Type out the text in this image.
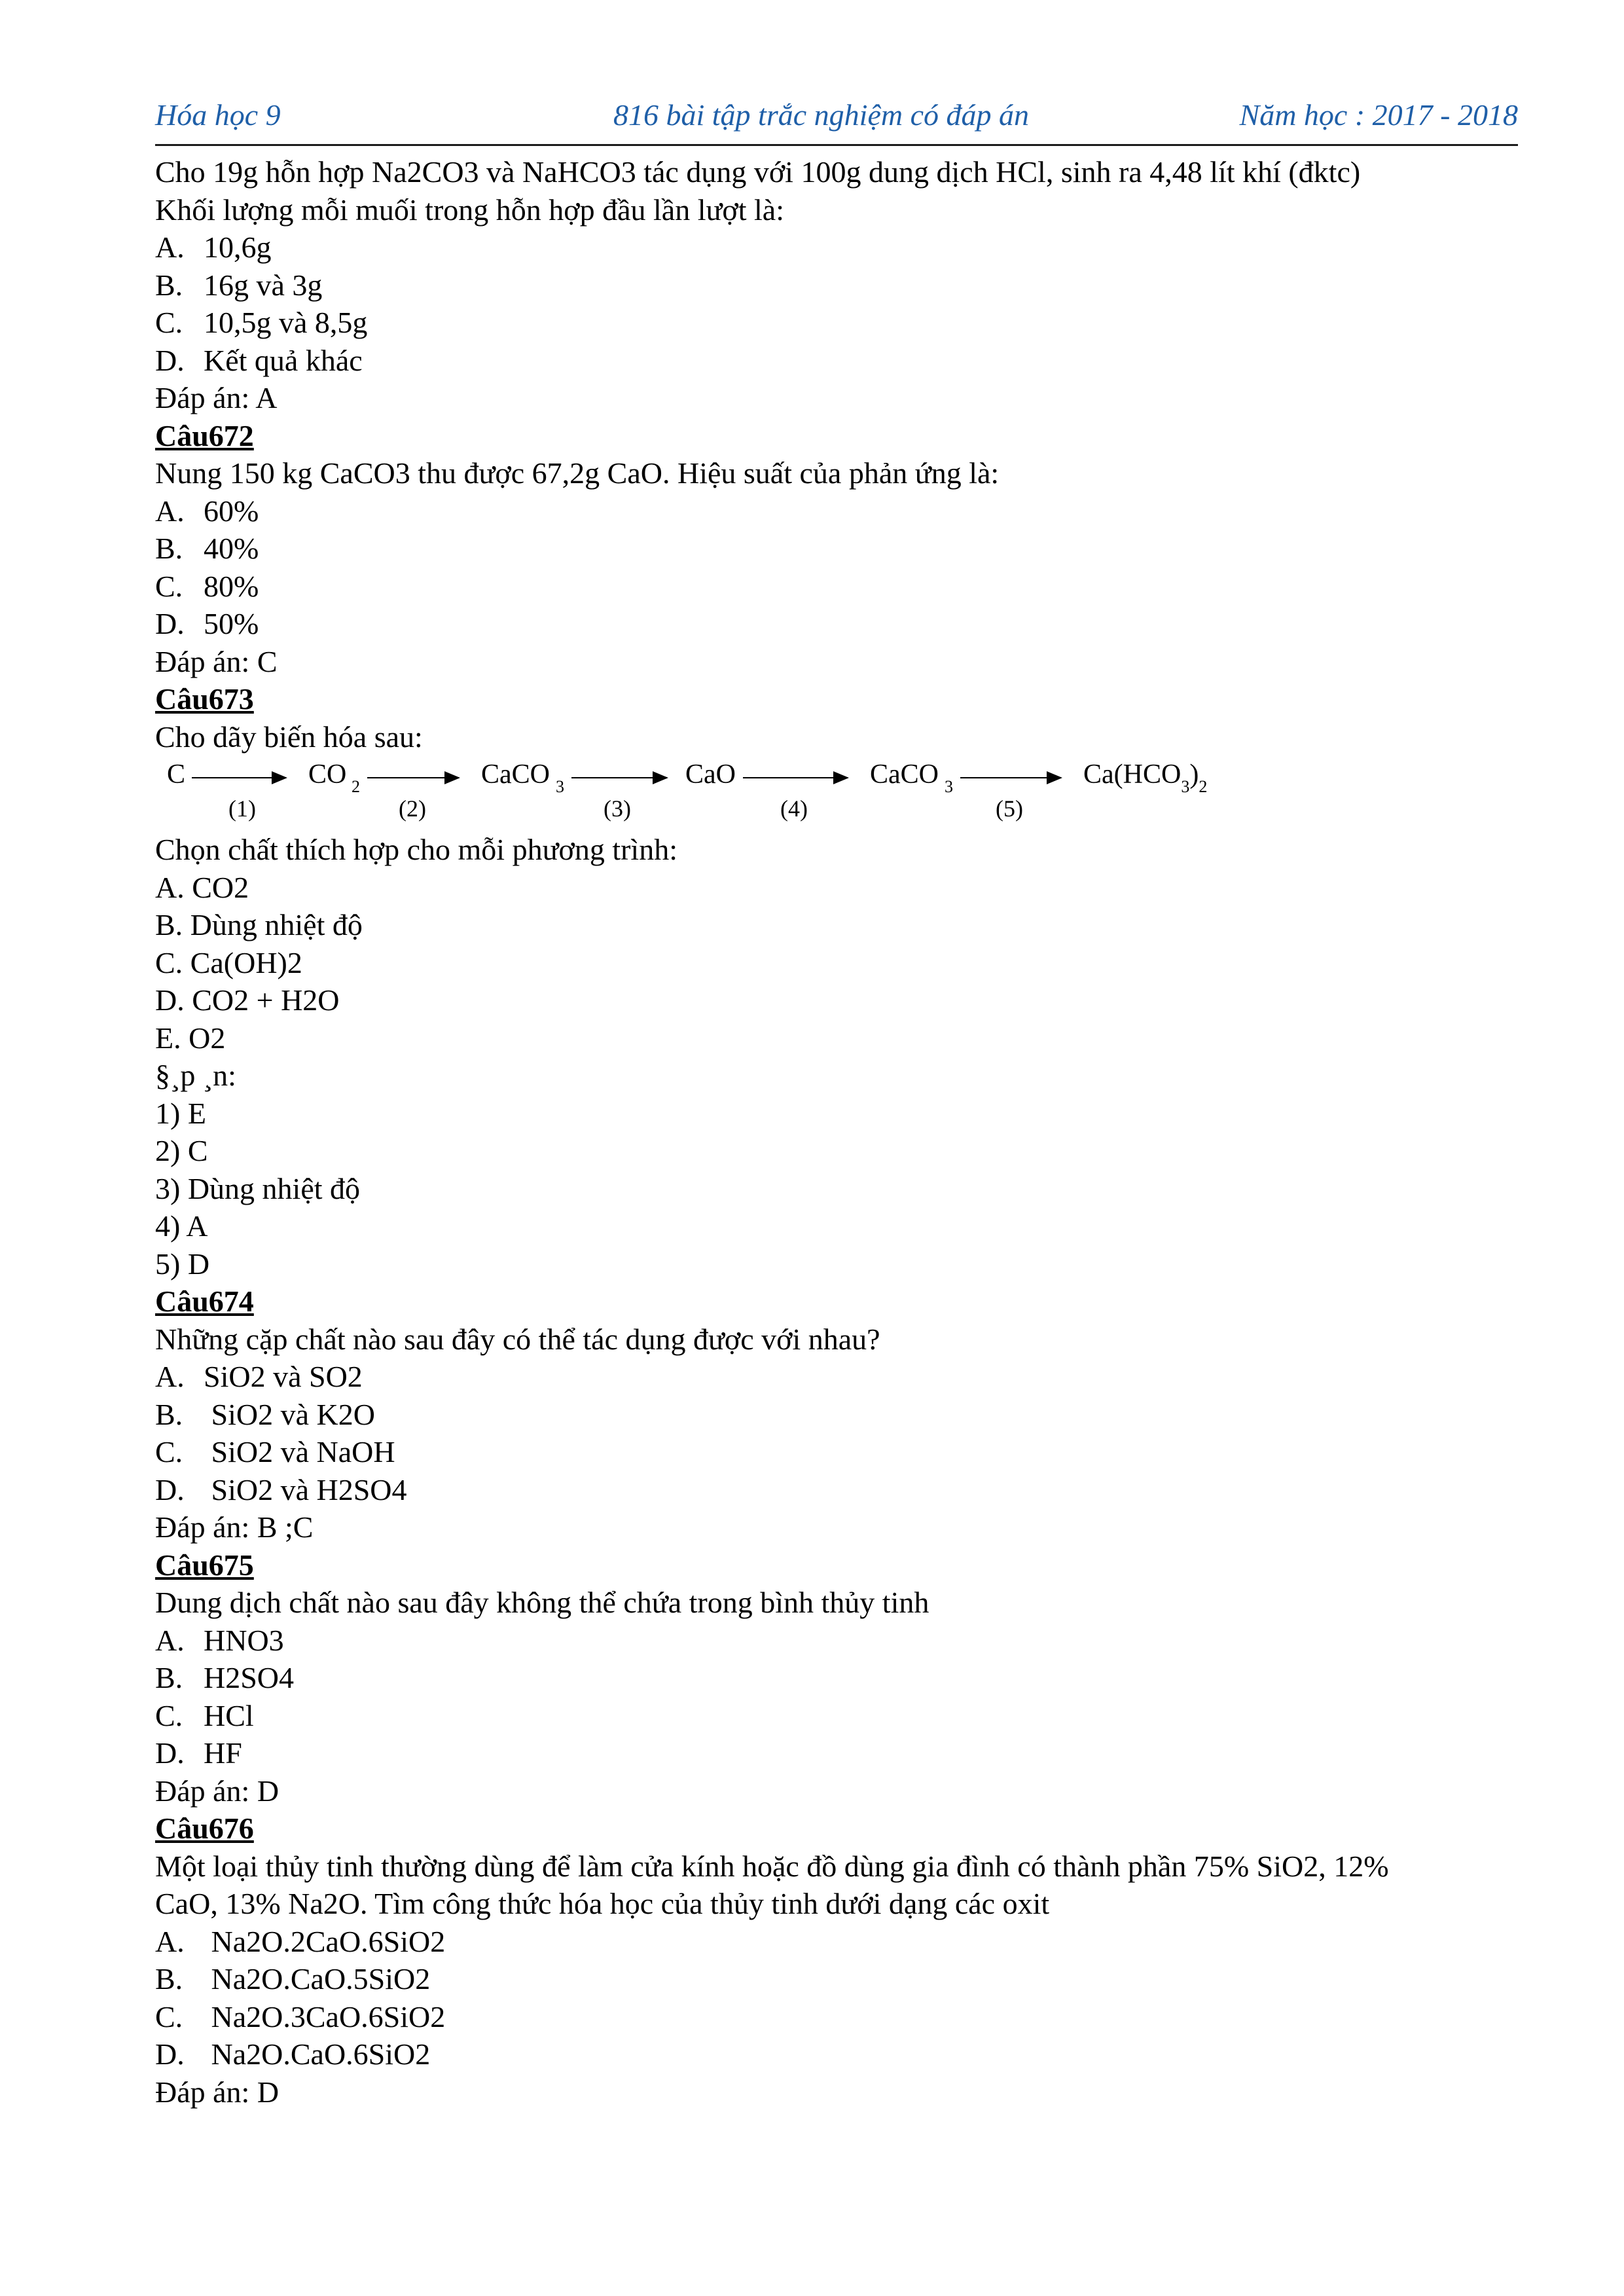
Hóa học 9	816 bài tập trắc nghiệm có đáp án	Năm học : 2017 - 2018
Cho 19g hỗn hợp Na2CO3 và NaHCO3 tác dụng với 100g dung dịch HCl, sinh ra 4,48 lít khí (đktc)
Khối lượng mỗi muối trong hỗn hợp đầu lần lượt là:
A. 10,6g
B. 16g và 3g
C. 10,5g và 8,5g
D. Kết quả khác
Đáp án: A
Câu672
Nung 150 kg CaCO3 thu được 67,2g CaO. Hiệu suất của phản ứng là:
A. 60%
B. 40%
C. 80%
D. 50%
Đáp án: C
Câu673
Cho dãy biến hóa sau:
C
(1)
CO 2
(2)
CaCO 3
(3)
CaO
(4)
CaCO 3
(5)
$Ca(HCO_3)_2$
Chọn chất thích hợp cho mỗi phương trình:
A. CO2
B. Dùng nhiệt độ
C. Ca(OH)2
D. CO2 + H2O
E. O2
§¸p ¸n:
1) E
2) C
3) Dùng nhiệt độ
4) A
5) D
Câu674
Những cặp chất nào sau đây có thể tác dụng được với nhau?
A. SiO2 và SO2
B. SiO2 và K2O
C. SiO2 và NaOH
D. SiO2 và H2SO4
Đáp án: B ;C
Câu675
Dung dịch chất nào sau đây không thể chứa trong bình thủy tinh
A. HNO3
B. H2SO4
C. HCl
D. HF
Đáp án: D
Câu676
Một loại thủy tinh thường dùng để làm cửa kính hoặc đồ dùng gia đình có thành phần 75% SiO2, 12%
CaO, 13% Na2O. Tìm công thức hóa học của thủy tinh dưới dạng các oxit
A. Na2O.2CaO.6SiO2
B. Na2O.CaO.5SiO2
C. Na2O.3CaO.6SiO2
D. Na2O.CaO.6SiO2
Đáp án: D
